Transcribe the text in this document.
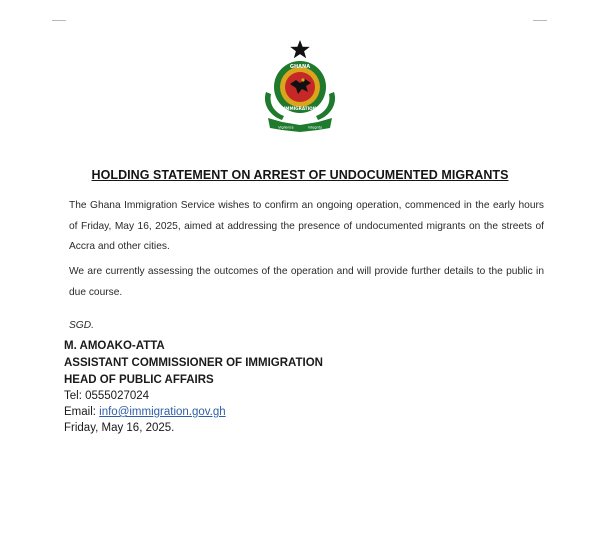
GHANA
IMMIGRATION
Vigilance	Integrity
HOLDING STATEMENT ON ARREST OF UNDOCUMENTED MIGRANTS
The Ghana Immigration Service wishes to confirm an ongoing operation, commenced in the early hours of Friday, May 16, 2025, aimed at addressing the presence of undocumented migrants on the streets of Accra and other cities.
We are currently assessing the outcomes of the operation and will provide further details to the public in due course.
SGD.
M. AMOAKO-ATTA
ASSISTANT COMMISSIONER OF IMMIGRATION
HEAD OF PUBLIC AFFAIRS
Tel: 0555027024
Email: info@immigration.gov.gh
Friday, May 16, 2025.
